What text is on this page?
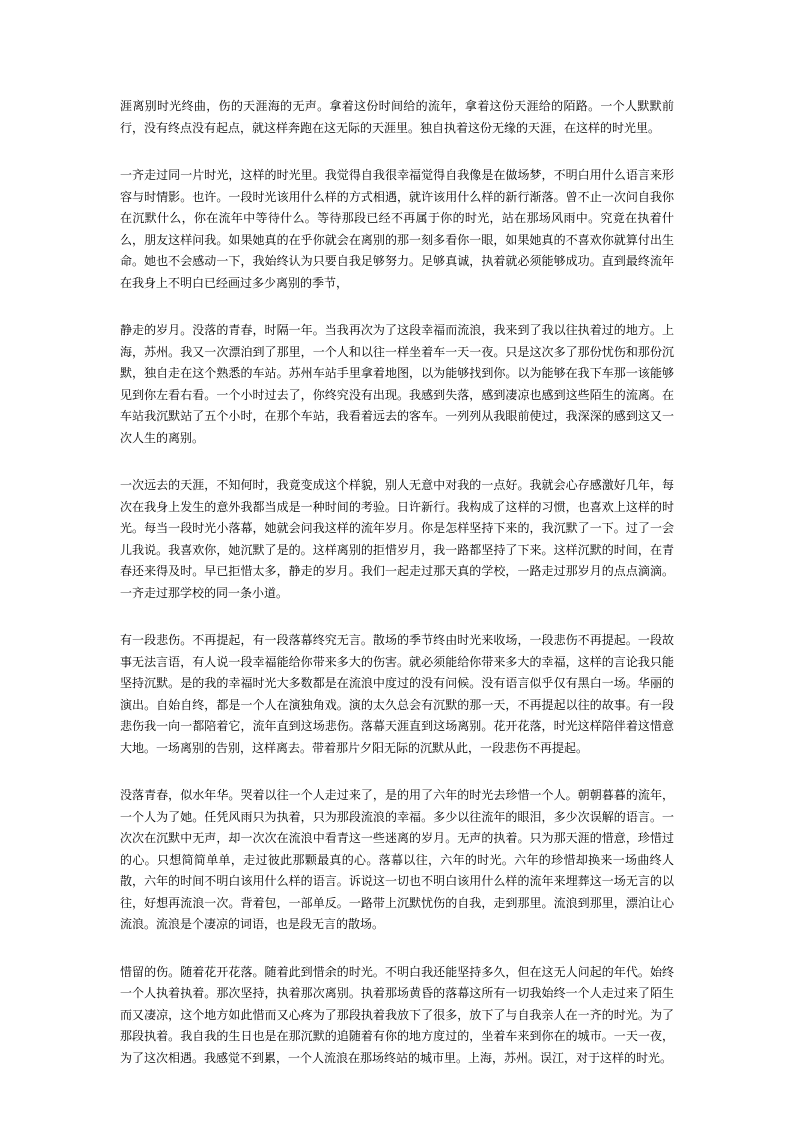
涯离别时光终曲，伤的天涯海的无声。拿着这份时间给的流年，拿着这份天涯给的陌路。一个人默默前行，没有终点没有起点，就这样奔跑在这无际的天涯里。独自执着这份无缘的天涯，在这样的时光里。

一齐走过同一片时光，这样的时光里。我觉得自我很幸福觉得自我像是在做场梦，不明白用什么语言来形容与时情影。也许。一段时光该用什么样的方式相遇，就许该用什么样的新行渐落。曾不止一次问自我你在沉默什么，你在流年中等待什么。等待那段已经不再属于你的时光，站在那场风雨中。究竟在执着什么，朋友这样问我。如果她真的在乎你就会在离别的那一刻多看你一眼，如果她真的不喜欢你就算付出生命。她也不会感动一下，我始终认为只要自我足够努力。足够真诚，执着就必须能够成功。直到最终流年在我身上不明白已经画过多少离别的季节，

静走的岁月。没落的青春，时隔一年。当我再次为了这段幸福而流浪，我来到了我以往执着过的地方。上海，苏州。我又一次漂泊到了那里，一个人和以往一样坐着车一天一夜。只是这次多了那份忧伤和那份沉默，独自走在这个熟悉的车站。苏州车站手里拿着地图，以为能够找到你。以为能够在我下车那一该能够见到你左看右看。一个小时过去了，你终究没有出现。我感到失落，感到凄凉也感到这些陌生的流离。在车站我沉默站了五个小时，在那个车站，我看着远去的客车。一列列从我眼前使过，我深深的感到这又一次人生的离别。

一次远去的天涯，不知何时，我竟变成这个样貌，别人无意中对我的一点好。我就会心存感激好几年，每次在我身上发生的意外我都当成是一种时间的考验。日许新行。我构成了这样的习惯，也喜欢上这样的时光。每当一段时光小落幕，她就会问我这样的流年岁月。你是怎样坚持下来的，我沉默了一下。过了一会儿我说。我喜欢你，她沉默了是的。这样离别的拒惜岁月，我一路都坚持了下来。这样沉默的时间，在青春还来得及时。早已拒惜太多，静走的岁月。我们一起走过那天真的学校，一路走过那岁月的点点滴滴。一齐走过那学校的同一条小道。

有一段悲伤。不再提起，有一段落幕终究无言。散场的季节终由时光来收场，一段悲伤不再提起。一段故事无法言语，有人说一段幸福能给你带来多大的伤害。就必须能给你带来多大的幸福，这样的言论我只能坚持沉默。是的我的幸福时光大多数都是在流浪中度过的没有问候。没有语言似乎仅有黑白一场。华丽的演出。自始自终，都是一个人在演独角戏。演的太久总会有沉默的那一天，不再提起以往的故事。有一段悲伤我一向一都陪着它，流年直到这场悲伤。落幕天涯直到这场离别。花开花落，时光这样陪伴着这惜意大地。一场离别的告别，这样离去。带着那片夕阳无际的沉默从此，一段悲伤不再提起。

没落青春，似水年华。哭着以往一个人走过来了，是的用了六年的时光去珍惜一个人。朝朝暮暮的流年，一个人为了她。任凭风雨只为执着，只为那段流浪的幸福。多少以往流年的眼泪，多少次误解的语言。一次次在沉默中无声，却一次次在流浪中看青这一些迷离的岁月。无声的执着。只为那天涯的惜意，珍惜过的心。只想简简单单，走过彼此那颗最真的心。落幕以往，六年的时光。六年的珍惜却换来一场曲终人散，六年的时间不明白该用什么样的语言。诉说这一切也不明白该用什么样的流年来埋葬这一场无言的以往，好想再流浪一次。背着包，一部单反。一路带上沉默忧伤的自我，走到那里。流浪到那里，漂泊让心流浪。流浪是个凄凉的词语，也是段无言的散场。

惜留的伤。随着花开花落。随着此到惜余的时光。不明白我还能坚持多久，但在这无人问起的年代。始终一个人执着执着。那次坚持，执着那次离别。执着那场黄昏的落幕这所有一切我始终一个人走过来了陌生而又凄凉，这个地方如此惜而又心疼为了那段执着我放下了很多，放下了与自我亲人在一齐的时光。为了那段执着。我自我的生日也是在那沉默的追随着有你的地方度过的，坐着车来到你在的城市。一天一夜，为了这次相遇。我感觉不到累，一个人流浪在那场终站的城市里。上海，苏州。误江，对于这样的时光。
